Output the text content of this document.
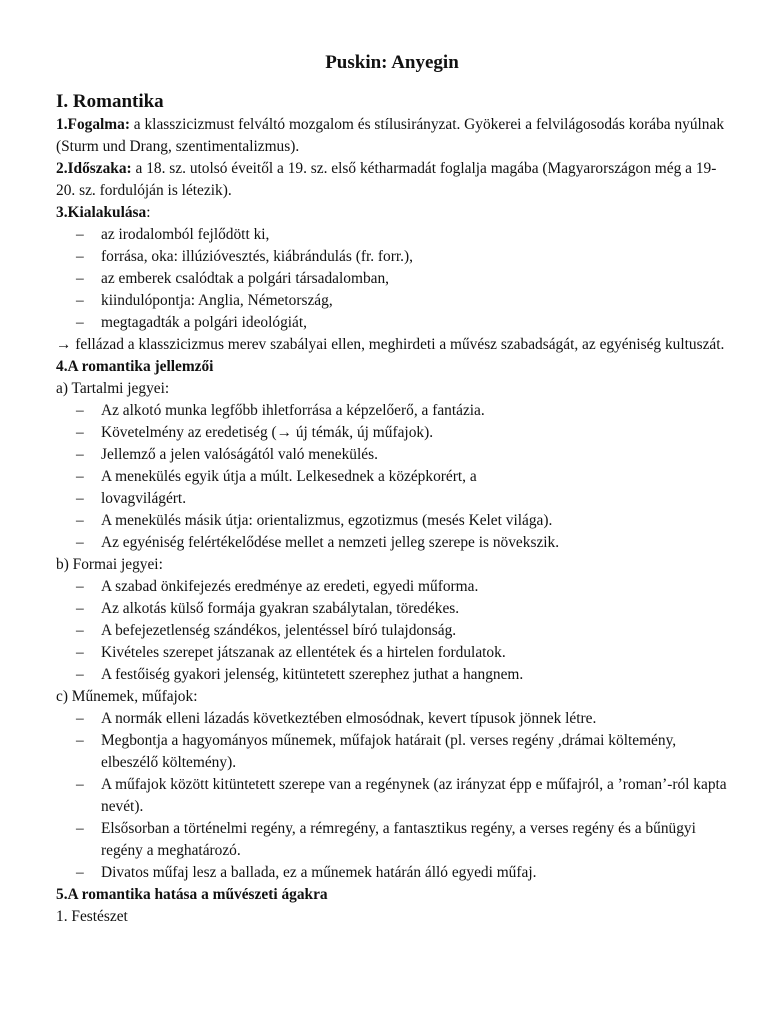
Puskin: Anyegin
I. Romantika

1.Fogalma: a klasszicizmust felváltó mozgalom és stílusirányzat. Gyökerei a felvilágosodás korába nyúlnak (Sturm und Drang, szentimentalizmus).

2.Időszaka: a 18. sz. utolsó éveitől a 19. sz. első kétharmadát foglalja magába (Magyarországon még a 19-20. sz. fordulóján is létezik).

3.Kialakulása:

– az irodalomból fejlődött ki,
– forrása, oka: illúzióvesztés, kiábrándulás (fr. forr.),
– az emberek csalódtak a polgári társadalomban,
– kiindulópontja: Anglia, Németország,
– megtagadták a polgári ideológiát,

→ fellázad a klasszicizmus merev szabályai ellen, meghirdeti a művész szabadságát, az egyéniség kultuszát.

4.A romantika jellemzői

a) Tartalmi jegyei:

– Az alkotó munka legfőbb ihletforrása a képzelőerő, a fantázia.
– Követelmény az eredetiség (→ új témák, új műfajok).
– Jellemző a jelen valóságától való menekülés.
– A menekülés egyik útja a múlt. Lelkesednek a középkorért, a
– lovagvilágért.
– A menekülés másik útja: orientalizmus, egzotizmus (mesés Kelet világa).
– Az egyéniség felértékelődése mellet a nemzeti jelleg szerepe is növekszik.

b) Formai jegyei:

– A szabad önkifejezés eredménye az eredeti, egyedi műforma.
– Az alkotás külső formája gyakran szabálytalan, töredékes.
– A befejezetlenség szándékos, jelentéssel bíró tulajdonság.
– Kivételes szerepet játszanak az ellentétek és a hirtelen fordulatok.
– A festőiség gyakori jelenség, kitüntetett szerephez juthat a hangnem.

c) Műnemek, műfajok:

– A normák elleni lázadás következtében elmosódnak, kevert típusok jönnek létre.
– Megbontja a hagyományos műnemek, műfajok határait (pl. verses regény ,drámai költemény, elbeszélő költemény).
– A műfajok között kitüntetett szerepe van a regénynek (az irányzat épp e műfajról, a ’roman’-ról kapta nevét).
– Elsősorban a történelmi regény, a rémregény, a fantasztikus regény, a verses regény és a bűnügyi regény a meghatározó.
– Divatos műfaj lesz a ballada, ez a műnemek határán álló egyedi műfaj.

5.A romantika hatása a művészeti ágakra

1. Festészet
